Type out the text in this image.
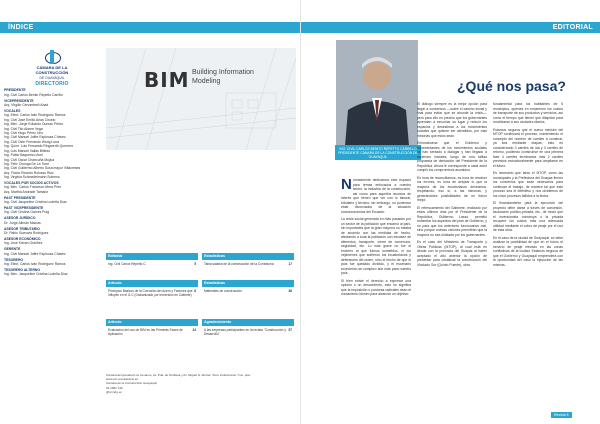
ÍNDICE
CÁMARA DE LA
CONSTRUCCIÓN
DE GUAYAQUIL
DIRECTORIO
PRESIDENTE
Ing. Civil Carlos Benito Repetto Carrillo
VICEPRESIDENTE
Arq. Virgilio Cervantesñ Abad
VOCALES
Ing. Elect. Carlos Iván Rodríguez Ramos
Ing. Civil José Emilio Arias Ciruelo
Ing. Mec. Jorge Eduardo Dureau Prieto
Ing. Civil Tito Alarne Vega
Ing. Civil Hugo Pérez Lino
Ing. Civil Manuel Joffre Espinoza Chávez
Ing. Civil Otón Fernando Wong Luna
Ing. Quím. Luis Fernando Ringwerth Querrero
Ing. Luis Manuel Vallas Bitiedo
Ing. Pablo Baquerizo Avel
Ing. Civil Oscar Chancuña Mujica
Ing. Felix Chunga De La Torre
Ing. Civil Guillermo Alberto Sosa mayor Villacreses
Arq. Flavio Ricardo Rolosso Ruiz
Ing. Virginia Schmedelmann Soleeno
VOCALES POR SOCIOS ACTIVOS
Ing. Mec. Carlos Francisco Mera Prier
Arq. Martha Andrade Tamariz
PAST PRESIDENTE
Ing. Civil Jacqueline Cristina Ludeña Díaz
PAST VICEPRESIDENTE
Ing. Civil Cristina Garcés Puig
ASESOR JURÍDICO
Dr. Jorge Aliman Macías
ASESOR TRIBUTARIO
Dr. Pablo Guevara Rodríguez
ASESOR ECONÓMICO
Ing. José Kieran Ordóñez
GERENTE
Ing. Civil Manuel Joffre Espinoza Chávez
TESORERO
Ing. Elect. Carlos Iván Rodríguez Ramos
TESORERO ALTERNO
Ing. Mec. Jacqueline Cristina Ludeña Díaz
BIM Building Information
Modeling
Editorial
5
Ing. Civil Carlos Repetto C.
Estadísticas
17
Tabla salarial de la construcción de la Contraloría
Artículo
8
Principios Básicos de la Corrosión del Acero y Factores que Influyen en el G.C (Galvanizado por Inmersión en Caliente)
Estadísticas
46
Materiales de construcción
Artículo
24
Evaluación del uso de BIM en las Primeras Fases de Aplicación
Agradecimiento
57
A las empresas participantes en la revista "Construcción y Desarrollo"
Cámara Empresarial Los Ceranos, Av. Pral. de Orellana y Av. Miguel H. Alcívar, Torre Institucional, 7mo. piso
www.ccc.ecuadortest.ec
Cámara de la Construcción Guayaquil
04 2681 146
@ccmdg ec
EDITORIAL
ING. CIVIL CARLOS BENITO REPETTO CARRILLO PRESIDENTE CÁMARA DE LA CONSTRUCCIÓN DE GUAYAQUIL
¿Qué nos pasa?

Normalmente dedicamos este espacio para temas enfocados a nuestro sector, la industria de la construcción, así como para aquellos asuntos de interés que tienen que ver con lo laboral, tributario y técnico; sin embargo, no podemos estar divorciados de la situación socioeconómica del Ecuador.

La crisis social generada en días pasados por un sector de la población que encarnó al país, sin importarles que la gran mayoría no estaba de acuerdo con las medidas de hecho, afectando a toda la población con escasez de alimentos, transporte, cierre de comercios, seguridad, etc. Lo más grave no fue el encierro al que fuimos sometidos, ni los vejámenes que sufrieron los ecuatorianos y defensores del orden, sino el hecho de que el país fue quedado dividido, y el escenario económico se complicó aún más para nuestro país.

Si bien existe el derecho a expresar una opinión o un descontento, esto no significa que la imposición o posturas radicales sean el mecanismo idóneo para alcanzar un objetivo.

El diálogo siempre es la mejor opción para llegar a consensos —sobre el camino inicial y final para evitar que se ahonde la crisis—, pero para ello es preciso que los gobernantes aprendan a escuchar su lugar y reducir los espacios y desestimar a los movimientos sociales que quieren ser atendidos, por más minorías que estos sean.

Enhorabuena que el Gobierno y representantes de los movimientos sociales se han sentado a dialogar y han llegado a acuerdos iniciales, luego de una fallida propuesta de derivación del Presidente de la República. Ahora le corresponde a cada actor cumplir los compromisos asumidos.

Es hora de reconciliarnos, es hora de resolver los errores, es hora de aceptar lo que la mayoría de los ecuatorianos deseamos, respetando, eso sí, a las minorías, y generándoles posibilidades de un futuro mejor.

El refrescamiento del Gabinete, realizado por estos últimos días por el Presidente de la República, Guillermo Lasso, permitió rediseñar los aspectos del plan de Gobierno, y no para que los anteriores funcionarios mal, sino porque nuevas visiones permitirán que la mayoría no sea olvidada por los gobernantes.

Es el caso del Ministerio de Transporte y Obras Públicas (MTOP), al cual está en deuda con la provincia del Guayas al haber aceptado el año anterior la opción de presentar para cristalizar la construcción del Viaducto Sur (Quinto Puente), obra

fundamental para los habitantes de 5 municipios, quienes en encarecen los costos de transporte de sus productos y servicios, así como el tiempo que tienen que dilapidar para movilizarse a sus ciudades diarios.

Estamos seguros que el nuevo ministro del MTOP continuará el proceso, manteniendo el concepto del número de carriles a construir, ya sea mediante etapas; esto es considerando 3 carriles de ida y 3 carriles de retorno, pudiendo construirse en una primera fase 4 carriles terminados más 2 carriles previstos estructuralmente para ampliarse en el futuro.

Es necesario que tanto el MTOP, como las municipales y la Prefectura del Guayas firmen los convenios que sean necesarios para continuar el trabajo, de manera tal que este proceso sea el definitivo y nos olvidemos de los cinco procesos fallidos a la fecha.

El financiamiento para la ejecución del proyecto debe darse a través de concesión, asociación público-privada, etc., de modo que el inversionista construya o la privada recupere los costos más una adecuada utilidad mediante el cobro de peaje por el uso de esta obra.

En el caso de la ciudad de Guayaquil, se debe analizar la posibilidad de que en el futuro el servicio de peaje elevado en las zonas conflictivas de la ciudad. Estamos seguros de que el Gobierno y Guayaquil emprenderá con la oportunidad del caso la ejecución de las mismas.

Revista 5
